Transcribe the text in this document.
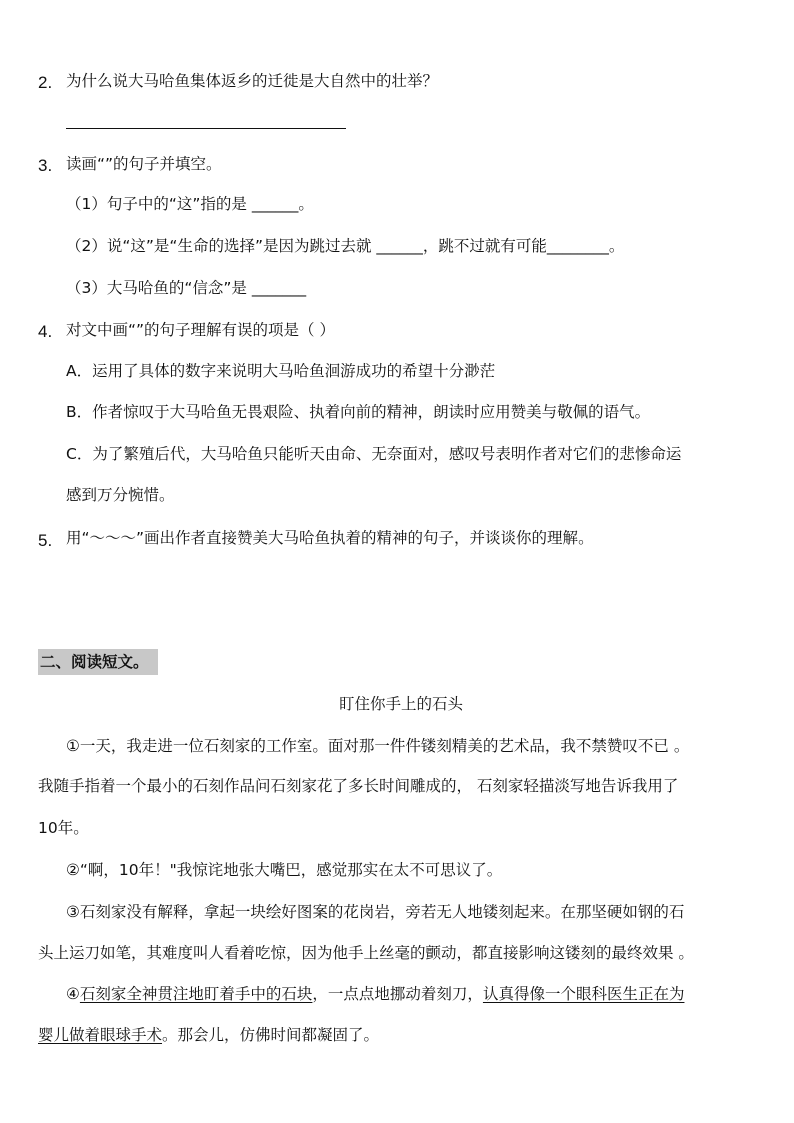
2. 为什么说大马哈鱼集体返乡的迁徙是大自然中的壮举？
3. 读画“”的句子并填空。
（1）句子中的“这”指的是 ______。
（2）说“这”是“生命的选择”是因为跳过去就 ______，跳不过就有可能________。
（3）大马哈鱼的“信念”是 _______
4. 对文中画“”的句子理解有误的项是（ ）
A．运用了具体的数字来说明大马哈鱼洄游成功的希望十分渺茫
B．作者惊叹于大马哈鱼无畏艰险、执着向前的精神，朗读时应用赞美与敬佩的语气。
C．为了繁殖后代，大马哈鱼只能听天由命、无奈面对，感叹号表明作者对它们的悲惨命运
感到万分惋惜。
5. 用“～～～”画出作者直接赞美大马哈鱼执着的精神的句子，并谈谈你的理解。
二、阅读短文。
盯住你手上的石头
①一天，我走进一位石刻家的工作室。面对那一件件镂刻精美的艺术品，我不禁赞叹不已 。
我随手指着一个最小的石刻作品问石刻家花了多长时间雕成的， 石刻家轻描淡写地告诉我用了
10年。
②“啊，10年！"我惊诧地张大嘴巴，感觉那实在太不可思议了。
③石刻家没有解释，拿起一块绘好图案的花岗岩，旁若无人地镂刻起来。在那坚硬如钢的石
头上运刀如笔，其难度叫人看着吃惊，因为他手上丝毫的颤动，都直接影响这镂刻的最终效果 。
④石刻家全神贯注地盯着手中的石块，一点点地挪动着刻刀，认真得像一个眼科医生正在为
婴儿做着眼球手术。那会儿，仿佛时间都凝固了。
